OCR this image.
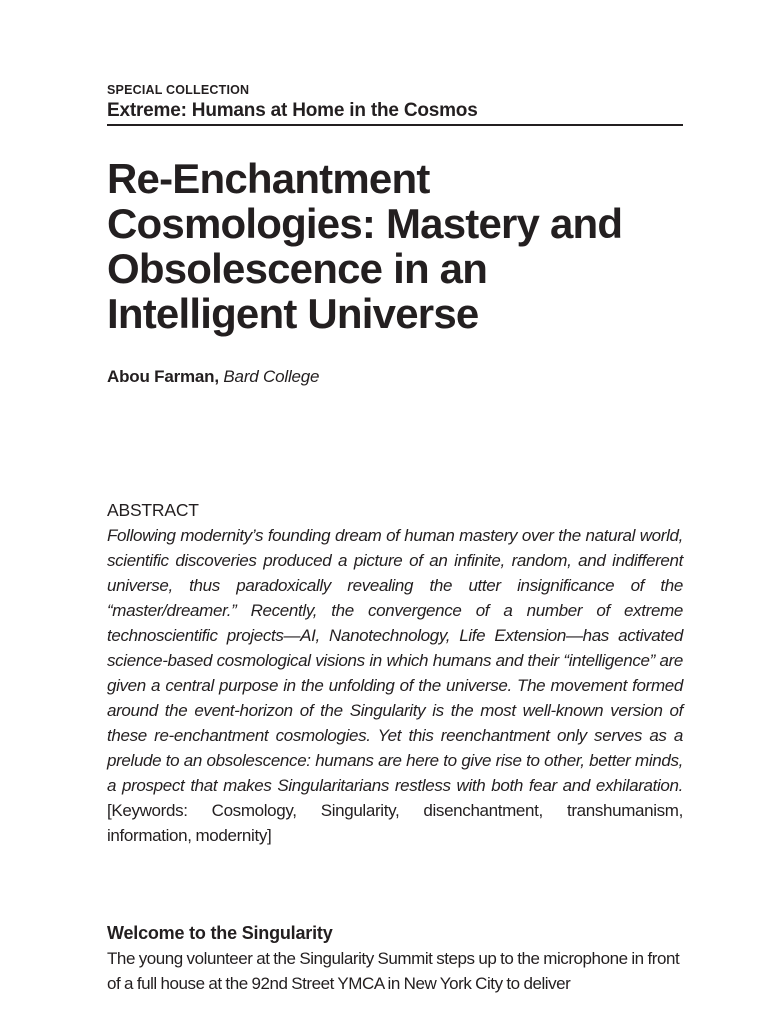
SPECIAL COLLECTION
Extreme: Humans at Home in the Cosmos
Re-Enchantment Cosmologies: Mastery and Obsolescence in an Intelligent Universe
Abou Farman, Bard College
ABSTRACT

Following modernity’s founding dream of human mastery over the natural world, scientific discoveries produced a picture of an infinite, random, and indifferent universe, thus paradoxically revealing the utter insignificance of the “master/dreamer.” Recently, the convergence of a number of extreme technoscientific projects—AI, Nanotechnology, Life Extension—has activated science-based cosmological visions in which humans and their “intelligence” are given a central purpose in the unfolding of the universe. The movement formed around the event-horizon of the Singularity is the most well-known version of these re-enchantment cosmologies. Yet this reenchantment only serves as a prelude to an obsolescence: humans are here to give rise to other, better minds, a prospect that makes Singularitarians restless with both fear and exhilaration. [Keywords: Cosmology, Singularity, disenchantment, transhumanism, information, modernity]

Welcome to the Singularity

The young volunteer at the Singularity Summit steps up to the microphone in front of a full house at the 92nd Street YMCA in New York City to deliver
